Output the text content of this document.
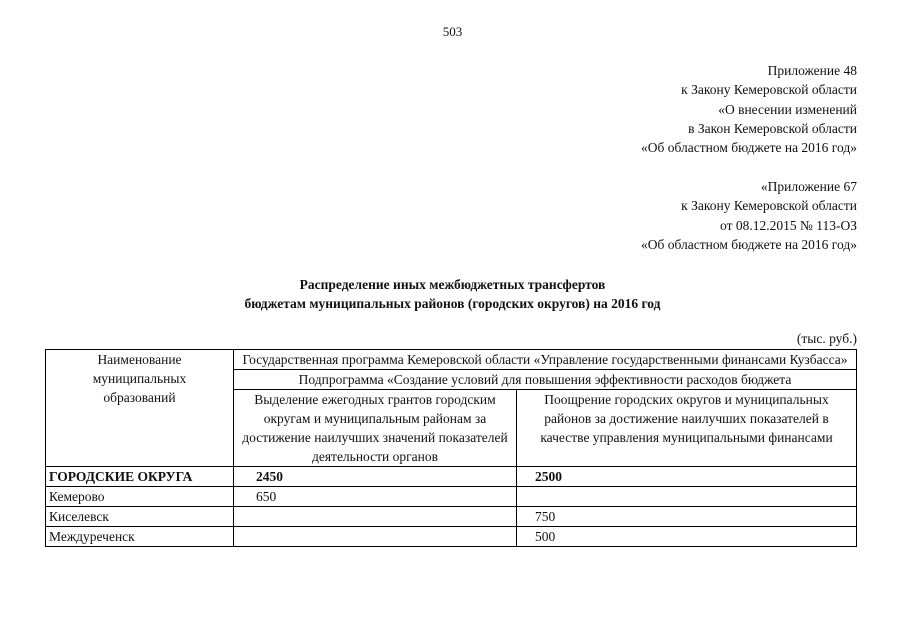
503
Приложение 48
к Закону Кемеровской области
«О внесении изменений
в Закон Кемеровской области
«Об областном бюджете на 2016 год»
«Приложение 67
к Закону Кемеровской области
от 08.12.2015 № 113-ОЗ
«Об областном бюджете на 2016 год»
Распределение иных межбюджетных трансфертов
бюджетам муниципальных районов (городских округов) на 2016 год
(тыс. руб.)
Наименование
муниципальных
образований	Государственная программа Кемеровской области «Управление государственными финансами Кузбасса»	
	Подпрограмма «Создание условий для повышения эффективности расходов бюджета	
	Выделение ежегодных грантов городским округам и муниципальным районам за достижение наилучших значений показателей деятельности органов	Поощрение городских округов и муниципальных районов за достижение наилучших показателей в качестве управления муниципальными финансами
ГОРОДСКИЕ ОКРУГА	2450	2500
Кемерово	650	
Киселевск		750
Междуреченск		500
